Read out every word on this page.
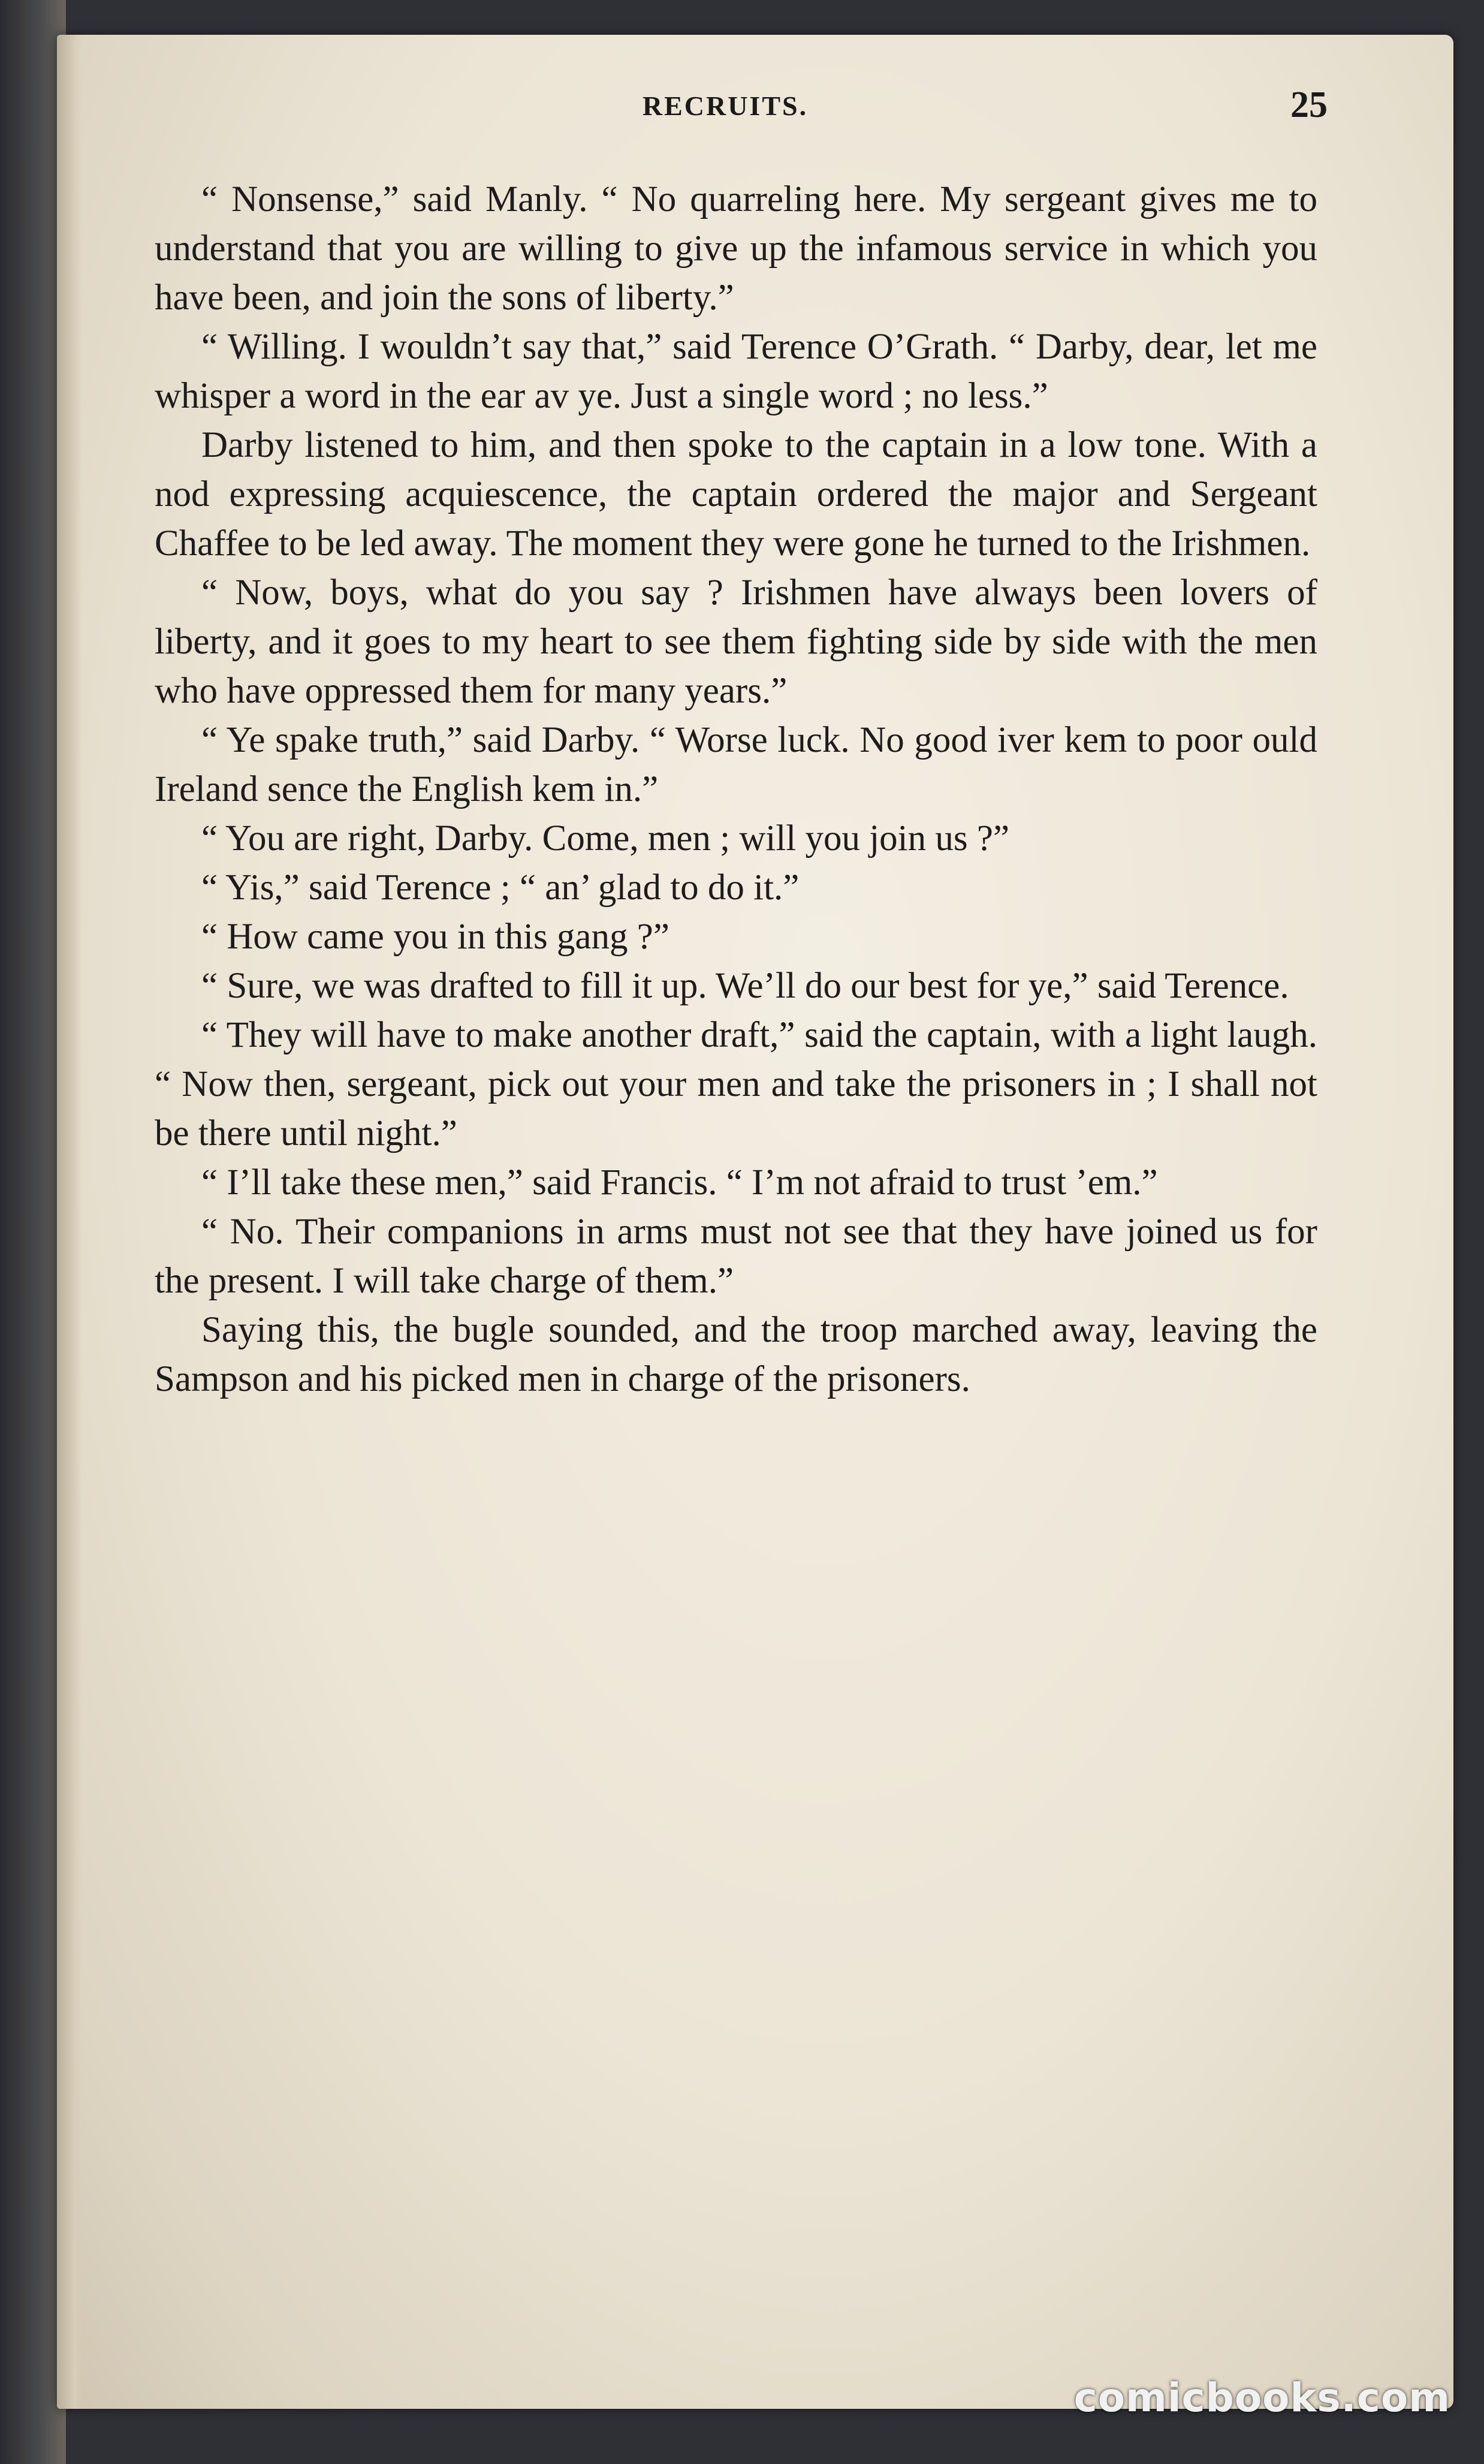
RECRUITS.	25

“ Nonsense,” said Manly. “ No quarreling here. My sergeant gives me to understand that you are willing to give up the infamous service in which you have been, and join the sons of liberty.”

“ Willing. I wouldn’t say that,” said Terence O’Grath. “ Darby, dear, let me whisper a word in the ear av ye. Just a single word ; no less.”

Darby listened to him, and then spoke to the captain in a low tone. With a nod expressing acquiescence, the captain ordered the major and Sergeant Chaffee to be led away. The moment they were gone he turned to the Irishmen.

“ Now, boys, what do you say ? Irishmen have always been lovers of liberty, and it goes to my heart to see them fighting side by side with the men who have oppressed them for many years.”

“ Ye spake truth,” said Darby. “ Worse luck. No good iver kem to poor ould Ireland sence the English kem in.”

“ You are right, Darby. Come, men ; will you join us ?”

“ Yis,” said Terence ; “ an’ glad to do it.”

“ How came you in this gang ?”

“ Sure, we was drafted to fill it up. We’ll do our best for ye,” said Terence.

“ They will have to make another draft,” said the captain, with a light laugh. “ Now then, sergeant, pick out your men and take the prisoners in ; I shall not be there until night.”

“ I’ll take these men,” said Francis. “ I’m not afraid to trust ’em.”

“ No. Their companions in arms must not see that they have joined us for the present. I will take charge of them.”

Saying this, the bugle sounded, and the troop marched away, leaving the Sampson and his picked men in charge of the prisoners.

comicbooks.com
